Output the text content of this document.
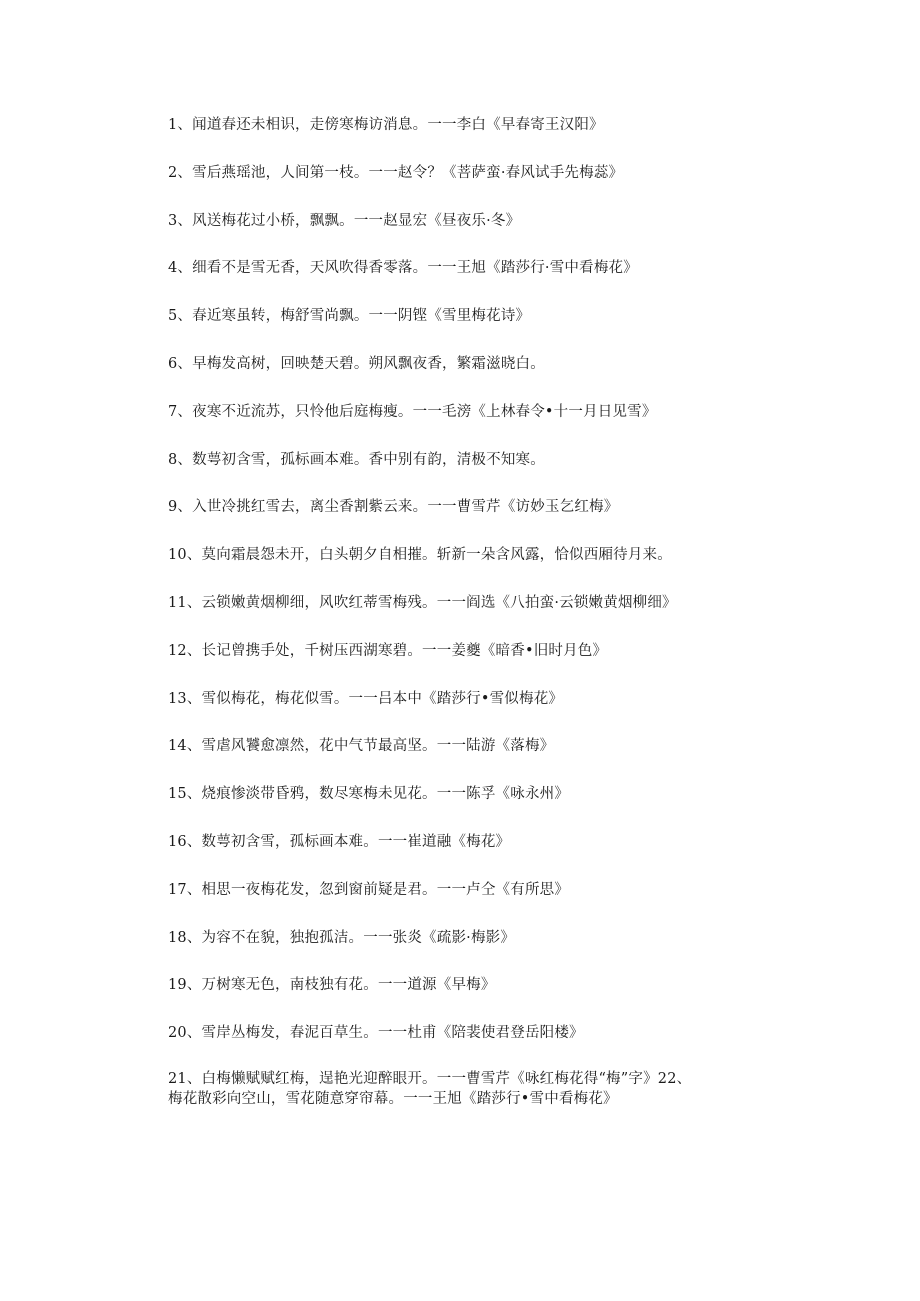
1、闻道春还未相识，走傍寒梅访消息。一一李白《早春寄王汉阳》
2、雪后燕瑶池，人间第一枝。一一赵令？《菩萨蛮·春风试手先梅蕊》
3、风送梅花过小桥，飘飘。一一赵显宏《昼夜乐·冬》
4、细看不是雪无香，天风吹得香零落。一一王旭《踏莎行·雪中看梅花》
5、春近寒虽转，梅舒雪尚飘。一一阴铿《雪里梅花诗》
6、早梅发高树，回映楚天碧。朔风飘夜香，繁霜滋晓白。
7、夜寒不近流苏，只怜他后庭梅瘦。一一毛滂《上林春令•十一月日见雪》
8、数萼初含雪，孤标画本难。香中别有韵，清极不知寒。
9、入世冷挑红雪去，离尘香割紫云来。一一曹雪芹《访妙玉乞红梅》
10、莫向霜晨怨未开，白头朝夕自相摧。斩新一朵含风露，恰似西厢待月来。
11、云锁嫩黄烟柳细，风吹红蒂雪梅残。一一阎选《八拍蛮·云锁嫩黄烟柳细》
12、长记曾携手处，千树压西湖寒碧。一一姜夔《暗香•旧时月色》
13、雪似梅花，梅花似雪。一一吕本中《踏莎行•雪似梅花》
14、雪虐风饕愈凛然，花中气节最高坚。一一陆游《落梅》
15、烧痕惨淡带昏鸦，数尽寒梅未见花。一一陈孚《咏永州》
16、数萼初含雪，孤标画本难。一一崔道融《梅花》
17、相思一夜梅花发，忽到窗前疑是君。一一卢仝《有所思》
18、为容不在貌，独抱孤洁。一一张炎《疏影·梅影》
19、万树寒无色，南枝独有花。一一道源《早梅》
20、雪岸丛梅发，春泥百草生。一一杜甫《陪裴使君登岳阳楼》
21、白梅懒赋赋红梅，逞艳光迎醉眼开。一一曹雪芹《咏红梅花得“梅”字》22、
梅花散彩向空山，雪花随意穿帘幕。一一王旭《踏莎行•雪中看梅花》
